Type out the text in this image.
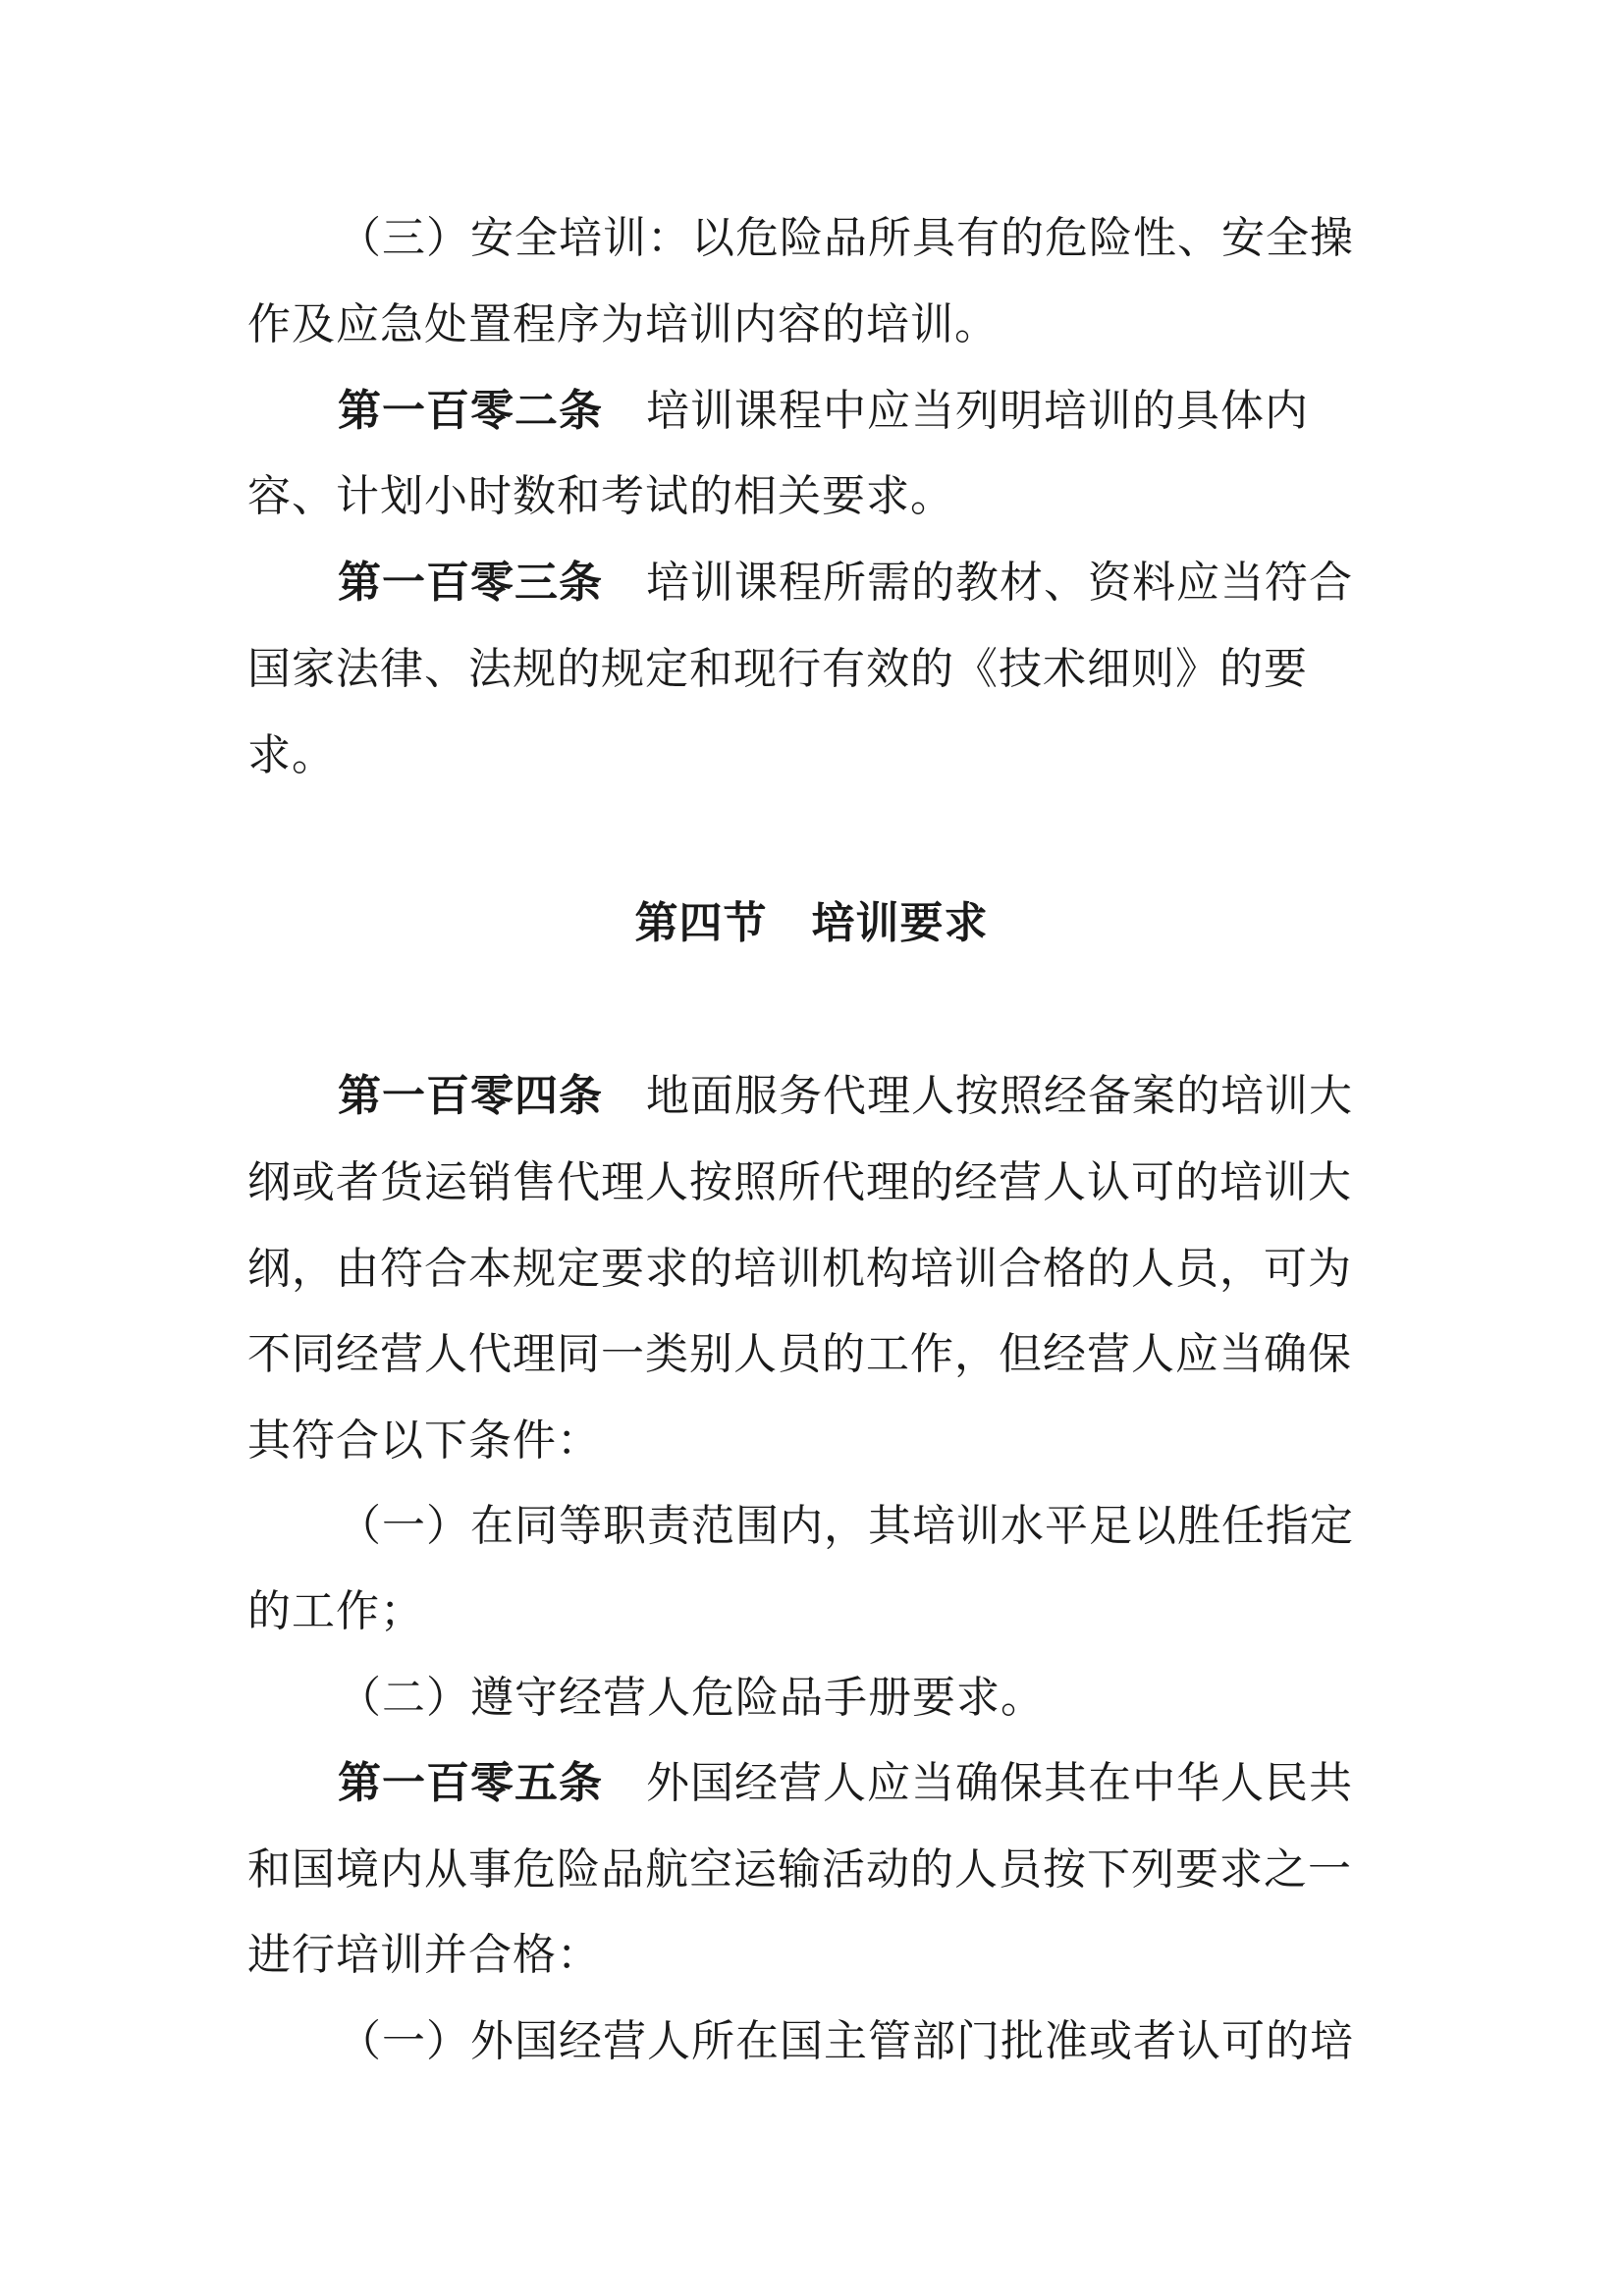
（三）安全培训：以危险品所具有的危险性、安全操
作及应急处置程序为培训内容的培训。
第一百零二条 培训课程中应当列明培训的具体内
容、计划小时数和考试的相关要求。
第一百零三条 培训课程所需的教材、资料应当符合
国家法律、法规的规定和现行有效的《技术细则》的要
求。
第四节　培训要求
第一百零四条 地面服务代理人按照经备案的培训大
纲或者货运销售代理人按照所代理的经营人认可的培训大
纲，由符合本规定要求的培训机构培训合格的人员，可为
不同经营人代理同一类别人员的工作，但经营人应当确保
其符合以下条件：
（一）在同等职责范围内，其培训水平足以胜任指定
的工作；
（二）遵守经营人危险品手册要求。
第一百零五条 外国经营人应当确保其在中华人民共
和国境内从事危险品航空运输活动的人员按下列要求之一
进行培训并合格：
（一）外国经营人所在国主管部门批准或者认可的培
